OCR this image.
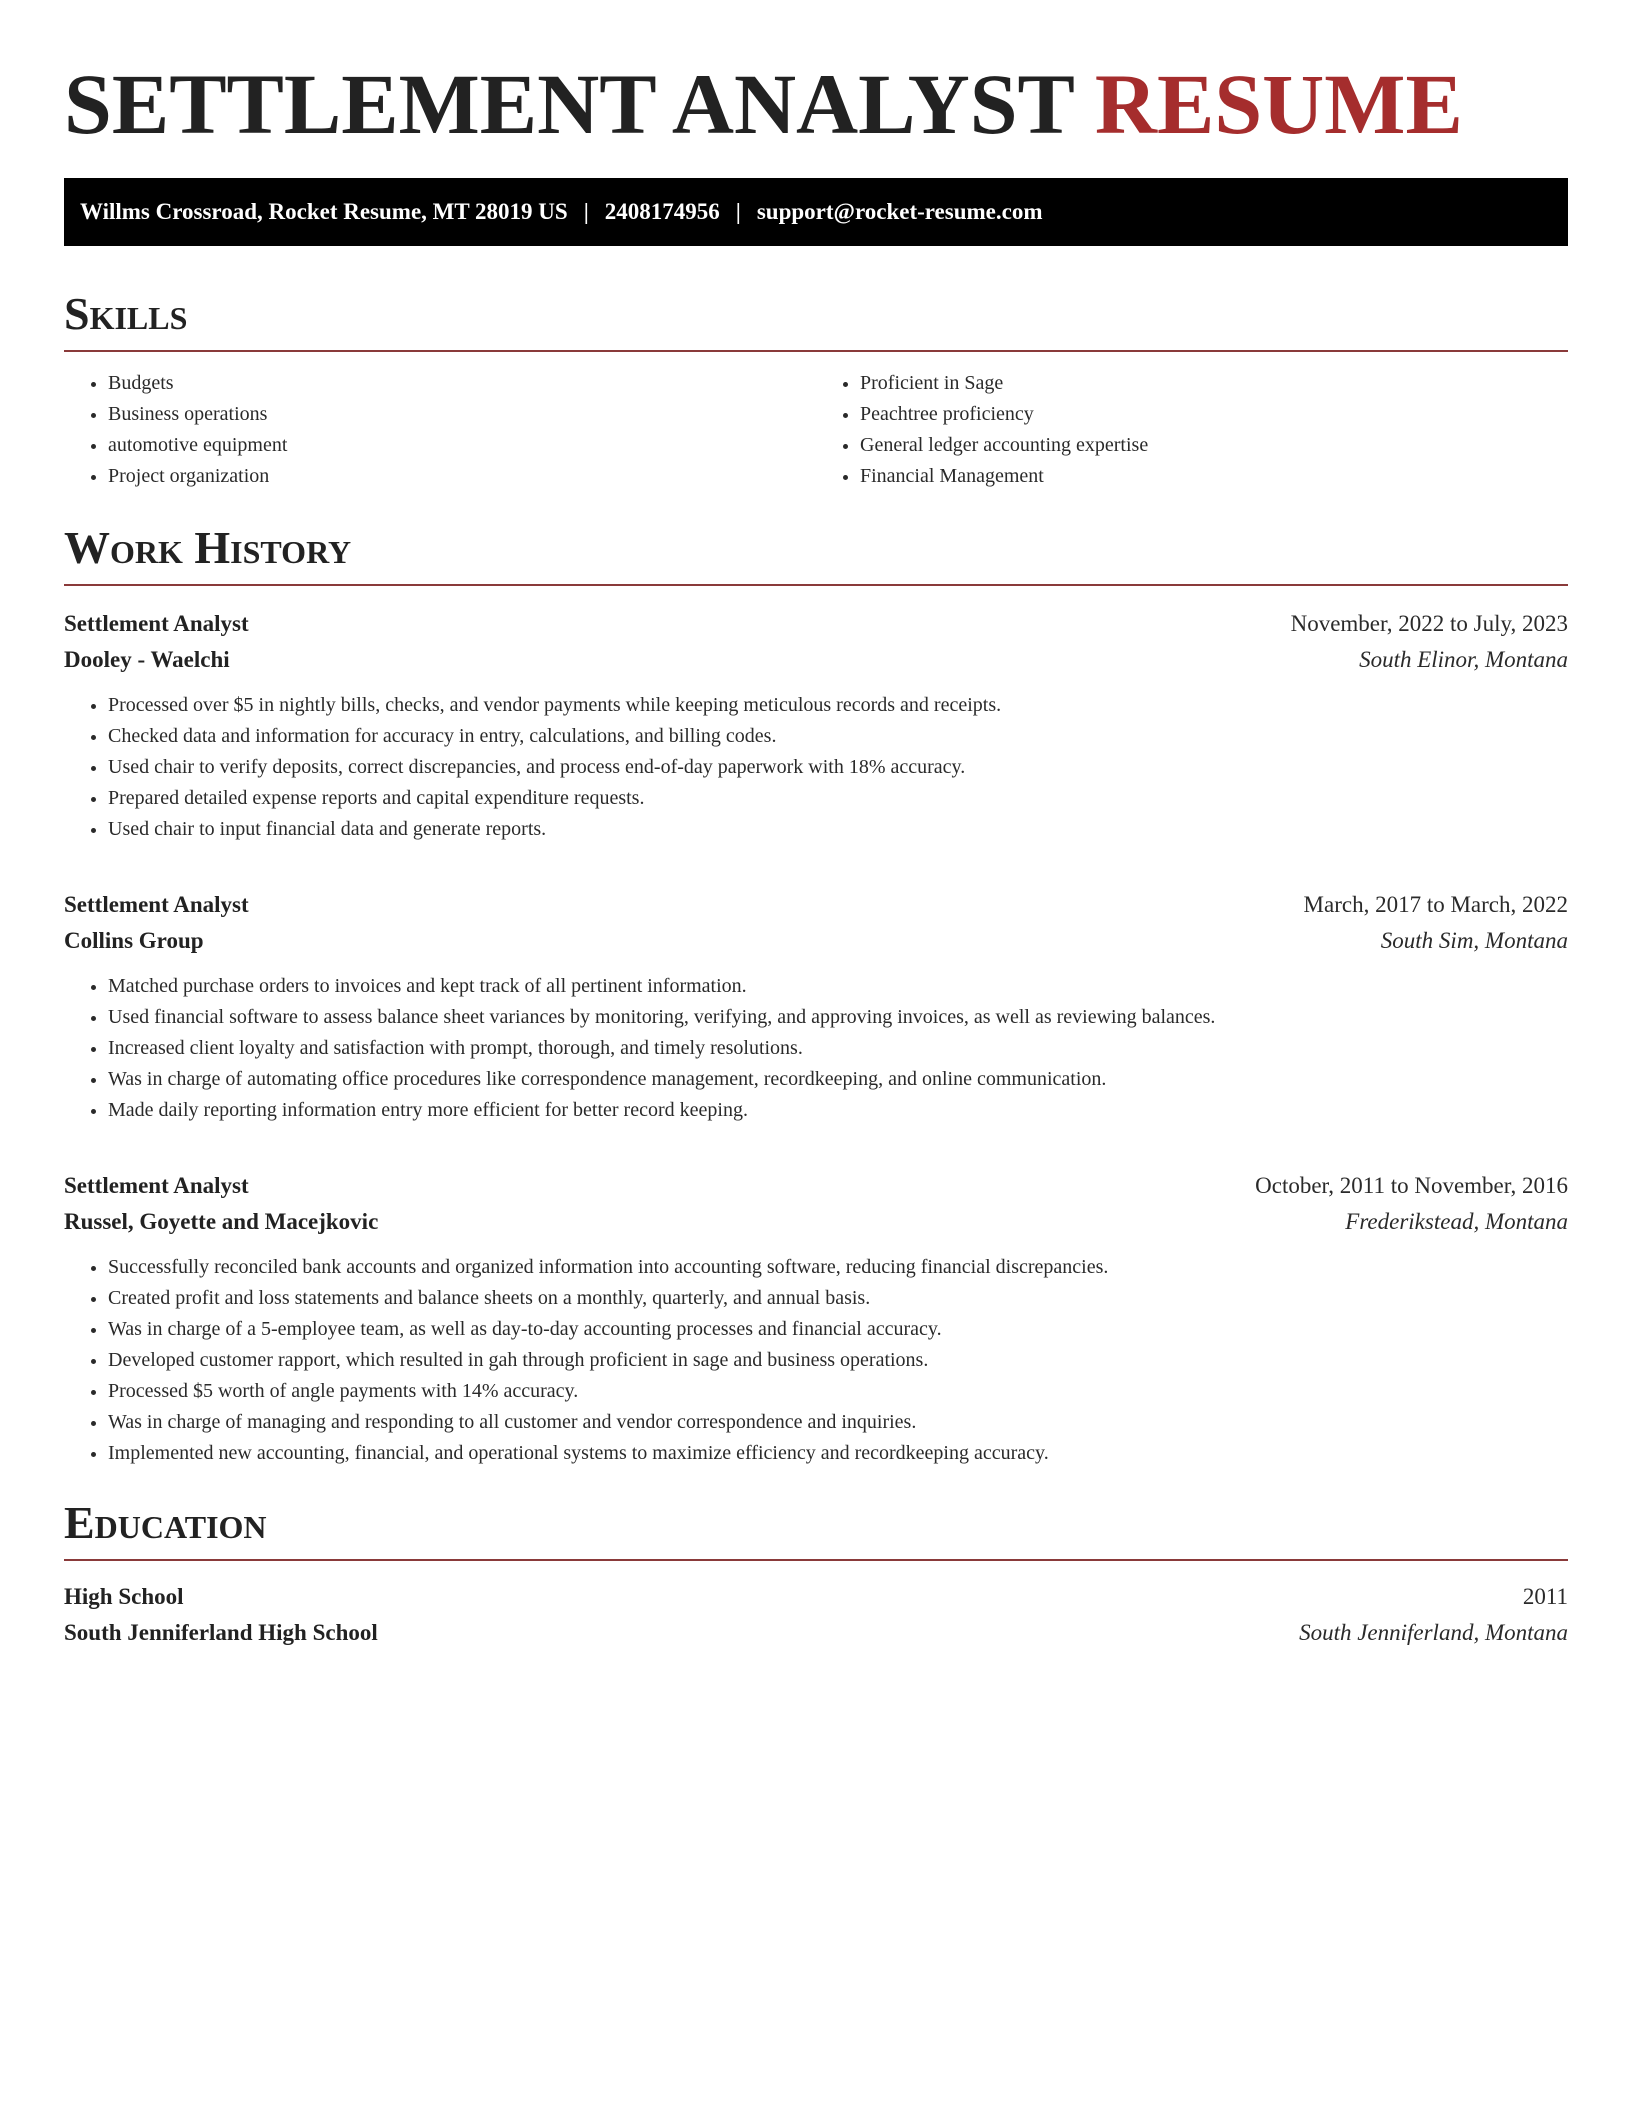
SETTLEMENT ANALYST RESUME
Willms Crossroad, Rocket Resume, MT 28019 US | 2408174956 | support@rocket-resume.com
Skills
• Budgets
• Business operations
• automotive equipment
• Project organization
• Proficient in Sage
• Peachtree proficiency
• General ledger accounting expertise
• Financial Management
Work History
Settlement Analyst	November, 2022 to July, 2023
Dooley - Waelchi	South Elinor, Montana
• Processed over $5 in nightly bills, checks, and vendor payments while keeping meticulous records and receipts.
• Checked data and information for accuracy in entry, calculations, and billing codes.
• Used chair to verify deposits, correct discrepancies, and process end-of-day paperwork with 18% accuracy.
• Prepared detailed expense reports and capital expenditure requests.
• Used chair to input financial data and generate reports.
Settlement Analyst	March, 2017 to March, 2022
Collins Group	South Sim, Montana
• Matched purchase orders to invoices and kept track of all pertinent information.
• Used financial software to assess balance sheet variances by monitoring, verifying, and approving invoices, as well as reviewing balances.
• Increased client loyalty and satisfaction with prompt, thorough, and timely resolutions.
• Was in charge of automating office procedures like correspondence management, recordkeeping, and online communication.
• Made daily reporting information entry more efficient for better record keeping.
Settlement Analyst	October, 2011 to November, 2016
Russel, Goyette and Macejkovic	Frederikstead, Montana
• Successfully reconciled bank accounts and organized information into accounting software, reducing financial discrepancies.
• Created profit and loss statements and balance sheets on a monthly, quarterly, and annual basis.
• Was in charge of a 5-employee team, as well as day-to-day accounting processes and financial accuracy.
• Developed customer rapport, which resulted in gah through proficient in sage and business operations.
• Processed $5 worth of angle payments with 14% accuracy.
• Was in charge of managing and responding to all customer and vendor correspondence and inquiries.
• Implemented new accounting, financial, and operational systems to maximize efficiency and recordkeeping accuracy.
Education
High School	2011
South Jenniferland High School	South Jenniferland, Montana
